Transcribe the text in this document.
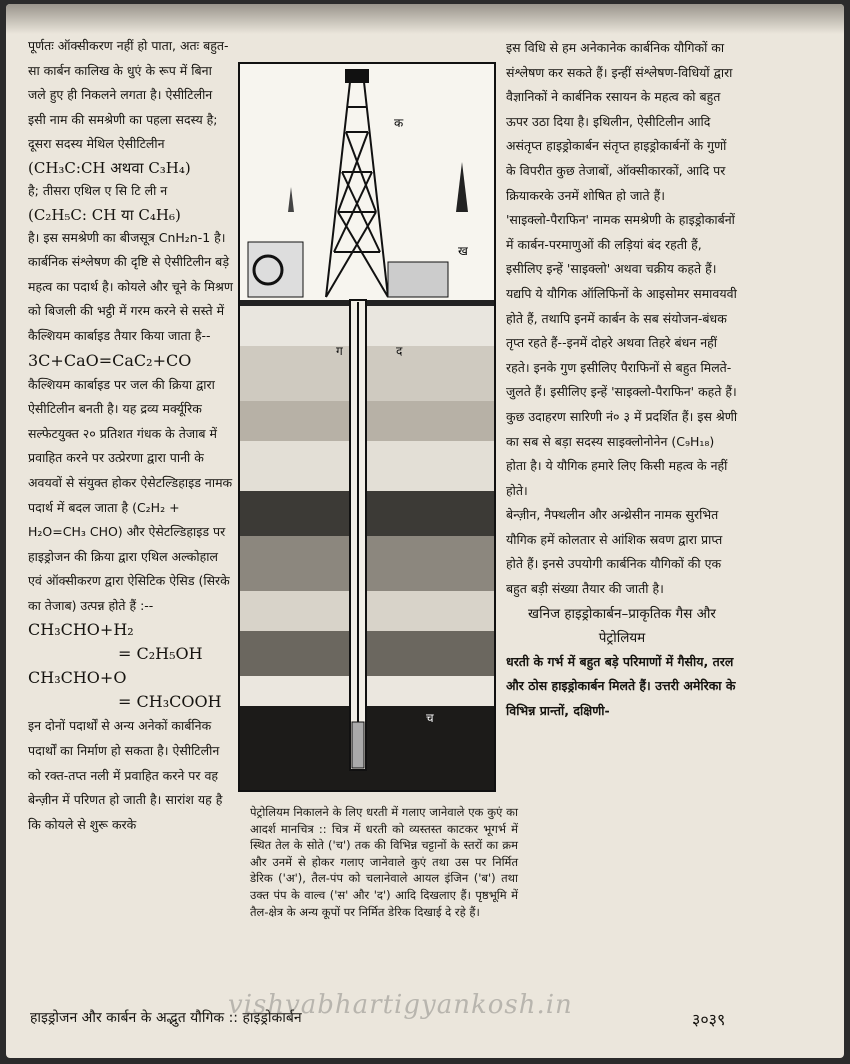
पूर्णतः ऑक्सीकरण नहीं हो पाता, अतः बहुत-सा कार्बन कालिख के धुएं के रूप में बिना जले हुए ही निकलने लगता है। ऐसीटिलीन इसी नाम की समश्रेणी का पहला सदस्य है; दूसरा सदस्य मेथिल ऐसीटिलीन

(CH₃C:CH अथवा C₃H₄)

है; तीसरा एथिल ए सि टि ली न

(C₂H₅C: CH या C₄H₆)

है। इस समश्रेणी का बीजसूत्र CnH₂n-1 है। कार्बनिक संश्लेषण की दृष्टि से ऐसीटिलीन बड़े महत्व का पदार्थ है। कोयले और चूने के मिश्रण को बिजली की भट्ठी में गरम करने से सस्ते में कैल्शियम कार्बाइड तैयार किया जाता है--

3C+CaO=CaC₂+CO

कैल्शियम कार्बाइड पर जल की क्रिया द्वारा ऐसीटिलीन बनती है। यह द्रव्य मर्क्यूरिक सल्फेटयुक्त २० प्रतिशत गंधक के तेजाब में प्रवाहित करने पर उत्प्रेरणा द्वारा पानी के अवयवों से संयुक्त होकर ऐसेटल्डिहाइड नामक पदार्थ में बदल जाता है (C₂H₂ + H₂O=CH₃ CHO) और ऐसेटल्डिहाइड पर हाइड्रोजन की क्रिया द्वारा एथिल अल्कोहाल एवं ऑक्सीकरण द्वारा ऐसिटिक ऐसिड (सिरके का तेजाब) उत्पन्न होते हैं :--

CH₃CHO+H₂

= C₂H₅OH

CH₃CHO+O

= CH₃COOH

इन दोनों पदार्थों से अन्य अनेकों कार्बनिक पदार्थों का निर्माण हो सकता है। ऐसीटिलीन को रक्त-तप्त नली में प्रवाहित करने पर वह बेन्ज़ीन में परिणत हो जाती है। सारांश यह है कि कोयले से शुरू करके

क
ख
ग	द
च
पेट्रोलियम निकालने के लिए धरती में गलाए जानेवाले एक कुएं का आदर्श मानचित्र :: चित्र में धरती को व्यस्तस्त काटकर भूगर्भ में स्थित तेल के सोते ('च') तक की विभिन्न चट्टानों के स्तरों का क्रम और उनमें से होकर गलाए जानेवाले कुएं तथा उस पर निर्मित डेरिक ('अ'), तैल-पंप को चलानेवाले आयल इंजिन ('ब') तथा उक्त पंप के वाल्व ('स' और 'द') आदि दिखलाए हैं। पृष्ठभूमि में तैल-क्षेत्र के अन्य कूपों पर निर्मित डेरिक दिखाई दे रहे हैं।

इस विधि से हम अनेकानेक कार्बनिक यौगिकों का संश्लेषण कर सकते हैं। इन्हीं संश्लेषण-विधियों द्वारा वैज्ञानिकों ने कार्बनिक रसायन के महत्व को बहुत ऊपर उठा दिया है। इथिलीन, ऐसीटिलीन आदि असंतृप्त हाइड्रोकार्बन संतृप्त हाइड्रोकार्बनों के गुणों के विपरीत कुछ तेजाबों, ऑक्सीकारकों, आदि पर क्रियाकरके उनमें शोषित हो जाते हैं।

'साइक्लो-पैराफिन' नामक समश्रेणी के हाइड्रोकार्बनों में कार्बन-परमाणुओं की लड़ियां बंद रहती हैं, इसीलिए इन्हें 'साइक्लो' अथवा चक्रीय कहते हैं। यद्यपि ये यौगिक ऑलिफिनों के आइसोमर समावयवी होते हैं, तथापि इनमें कार्बन के सब संयोजन-बंधक तृप्त रहते हैं--इनमें दोहरे अथवा तिहरे बंधन नहीं रहते। इनके गुण इसीलिए पैराफिनों से बहुत मिलते-जुलते हैं। इसीलिए इन्हें 'साइक्लो-पैराफिन' कहते हैं। कुछ उदाहरण सारिणी नं० ३ में प्रदर्शित हैं। इस श्रेणी का सब से बड़ा सदस्य साइक्लोनोनेन (C₉H₁₈) होता है। ये यौगिक हमारे लिए किसी महत्व के नहीं होते।

बेन्ज़ीन, नैफ्थलीन और अन्थ्रेसीन नामक सुरभित यौगिक हमें कोलतार से आंशिक स्रवण द्वारा प्राप्त होते हैं। इनसे उपयोगी कार्बनिक यौगिकों की एक बहुत बड़ी संख्या तैयार की जाती है।

खनिज हाइड्रोकार्बन–प्राकृतिक गैस और पेट्रोलियम

धरती के गर्भ में बहुत बड़े परिमाणों में गैसीय, तरल और ठोस हाइड्रोकार्बन मिलते हैं। उत्तरी अमेरिका के विभिन्न प्रान्तों, दक्षिणी-

vishvabhartigyankosh.in
हाइड्रोजन और कार्बन के अद्भुत यौगिक :: हाइड्रोकार्बन	३०३९
